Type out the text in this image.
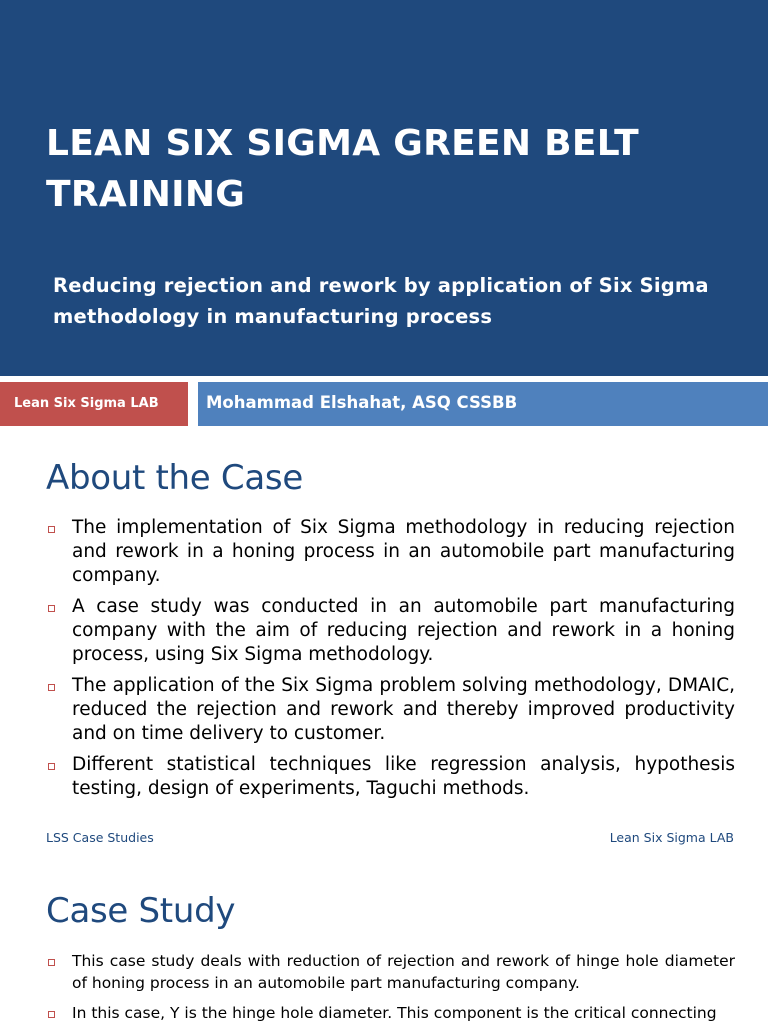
LEAN SIX SIGMA GREEN BELT TRAINING
Reducing rejection and rework by application of Six Sigma methodology in manufacturing process
Lean Six Sigma LAB	Mohammad Elshahat, ASQ CSSBB
About the Case
The implementation of Six Sigma methodology in reducing rejection and rework in a honing process in an automobile part manufacturing company.
A case study was conducted in an automobile part manufacturing company with the aim of reducing rejection and rework in a honing process, using Six Sigma methodology.
The application of the Six Sigma problem solving methodology, DMAIC, reduced the rejection and rework and thereby improved productivity and on time delivery to customer.
Different statistical techniques like regression analysis, hypothesis testing, design of experiments, Taguchi methods.
LSS Case Studies	Lean Six Sigma LAB
Case Study
This case study deals with reduction of rejection and rework of hinge hole diameter of honing process in an automobile part manufacturing company.
In this case, Y is the hinge hole diameter. This component is the critical connecting
